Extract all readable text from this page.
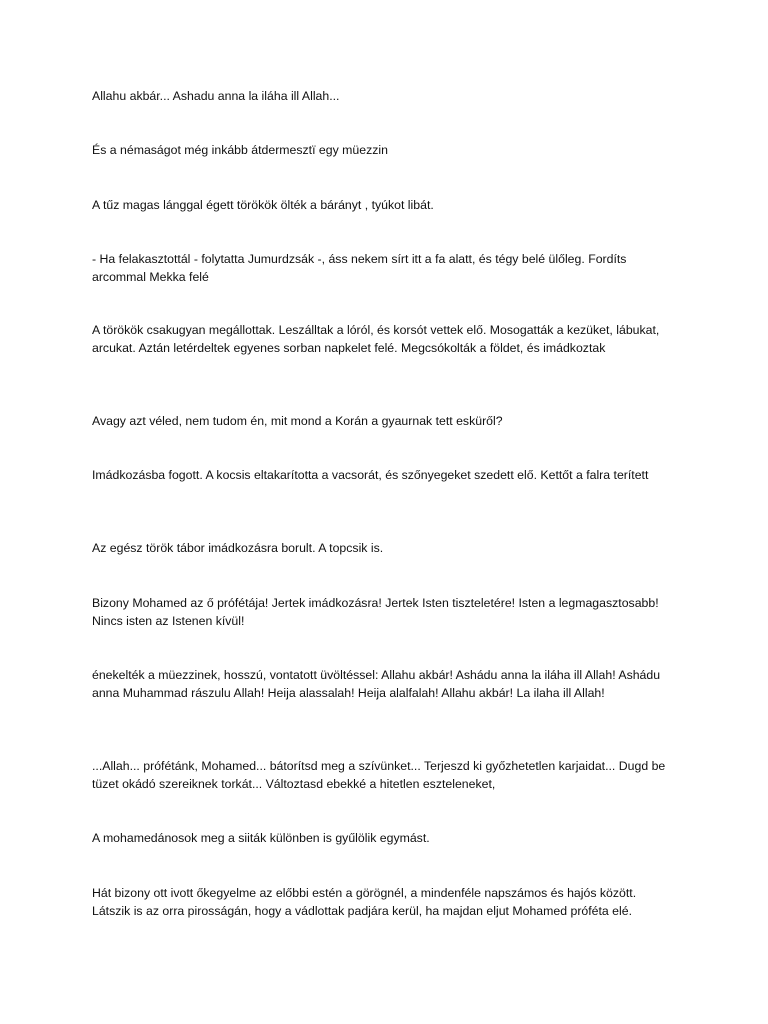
Allahu akbár... Ashadu anna la iláha ill Allah...

És a némaságot még inkább átdermesztï egy müezzin

A tűz magas lánggal égett törökök ölték a bárányt , tyúkot libát.

- Ha felakasztottál - folytatta Jumurdzsák -, áss nekem sírt itt a fa alatt, és tégy belé ülőleg. Fordíts arcommal Mekka felé

A törökök csakugyan megállottak. Leszálltak a lóról, és korsót vettek elő. Mosogatták a kezüket, lábukat, arcukat. Aztán letérdeltek egyenes sorban napkelet felé. Megcsókolták a földet, és imádkoztak

Avagy azt véled, nem tudom én, mit mond a Korán a gyaurnak tett esküről?

Imádkozásba fogott. A kocsis eltakarította a vacsorát, és szőnyegeket szedett elő. Kettőt a falra terített

Az egész török tábor imádkozásra borult. A topcsik is.

Bizony Mohamed az ő prófétája! Jertek imádkozásra! Jertek Isten tiszteletére! Isten a legmagasztosabb! Nincs isten az Istenen kívül!

énekelték a müezzinek, hosszú, vontatott üvöltéssel: Allahu akbár! Ashádu anna la iláha ill Allah! Ashádu anna Muhammad rászulu Allah! Heija alassalah! Heija alalfalah! Allahu akbár! La ilaha ill Allah!

...Allah... prófétánk, Mohamed... bátorítsd meg a szívünket... Terjeszd ki győzhetetlen karjaidat... Dugd be tüzet okádó szereiknek torkát... Változtasd ebekké a hitetlen eszteleneket,

A mohamedánosok meg a siiták különben is gyűlölik egymást.

Hát bizony ott ivott őkegyelme az előbbi estén a görögnél, a mindenféle napszámos és hajós között. Látszik is az orra pirosságán, hogy a vádlottak padjára kerül, ha majdan eljut Mohamed próféta elé.
